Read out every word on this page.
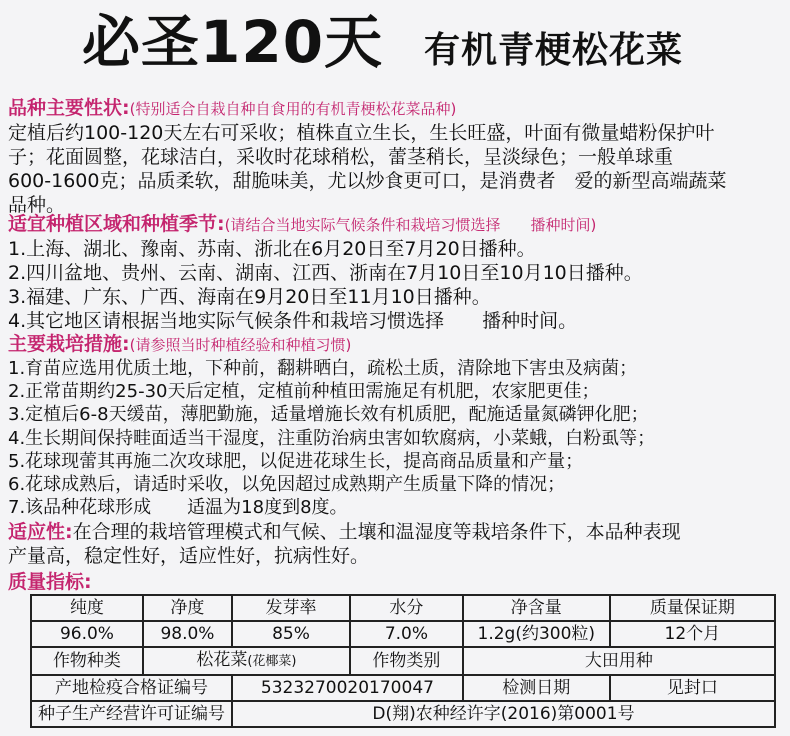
必圣120天 有机青梗松花菜
品种主要性状:(特别适合自栽自种自食用的有机青梗松花菜品种)
定植后约100-120天左右可采收；植株直立生长，生长旺盛，叶面有微量蜡粉保护叶
子；花面圆整，花球洁白，采收时花球稍松，蕾茎稍长，呈淡绿色；一般单球重
600-1600克；品质柔软，甜脆味美，尤以炒食更可口，是消费者　爱的新型高端蔬菜
品种。
适宜种植区域和种植季节:(请结合当地实际气候条件和栽培习惯选择　　播种时间)
1.上海、湖北、豫南、苏南、浙北在6月20日至7月20日播种。
2.四川盆地、贵州、云南、湖南、江西、浙南在7月10日至10月10日播种。
3.福建、广东、广西、海南在9月20日至11月10日播种。
4.其它地区请根据当地实际气候条件和栽培习惯选择　　播种时间。
主要栽培措施:(请参照当时种植经验和种植习惯)
1.育苗应选用优质土地，下种前，翻耕晒白，疏松土质，清除地下害虫及病菌；
2.正常苗期约25-30天后定植，定植前种植田需施足有机肥，农家肥更佳；
3.定植后6-8天缓苗，薄肥勤施，适量增施长效有机质肥，配施适量氮磷钾化肥；
4.生长期间保持畦面适当干湿度，注重防治病虫害如软腐病，小菜蛾，白粉虱等；
5.花球现蕾其再施二次攻球肥，以促进花球生长，提高商品质量和产量；
6.花球成熟后，请适时采收，以免因超过成熟期产生质量下降的情况；
7.该品种花球形成　　适温为18度到8度。
适应性:在合理的栽培管理模式和气候、土壤和温湿度等栽培条件下，本品种表现
产量高，稳定性好，适应性好，抗病性好。
质量指标:
纯度	净度	发芽率	水分	净含量	质量保证期
96.0%	98.0%	85%	7.0%	1.2g(约300粒)	12个月
作物种类	松花菜(花椰菜)		作物类别	大田用种	
产地检疫合格证编号		5323270020170047		检测日期	见封口
种子生产经营许可证编号		D(翔)农种经许字(2016)第0001号			
